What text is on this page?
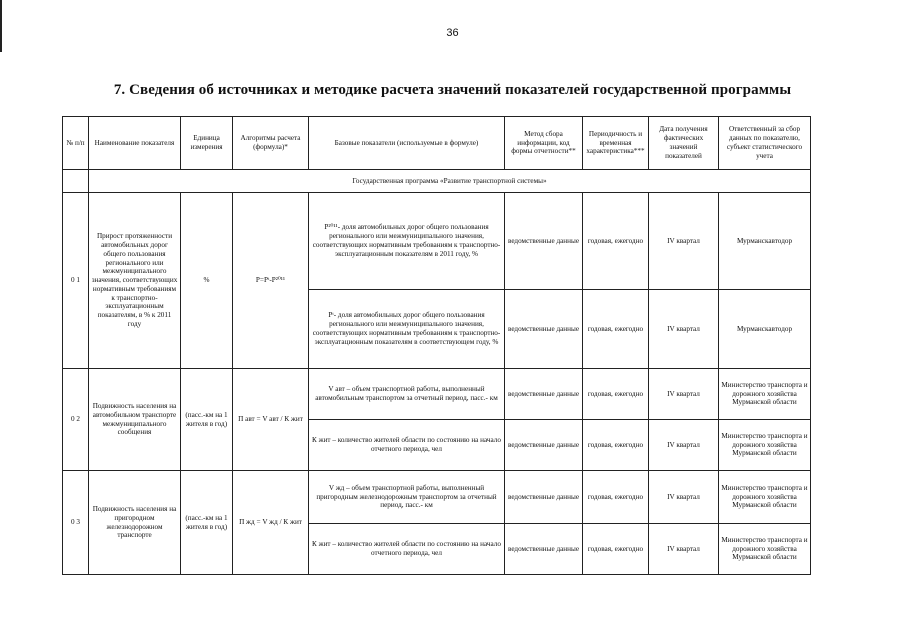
36
7. Сведения об источниках и методике расчета значений показателей государственной программы
№ п/п	Наименование показателя	Единица измерения	Алгоритмы расчета (формула)*	Базовые показатели (используемые в формуле)	Метод сбора информации, код формы отчетности**	Периодичность и временная характеристика***	Дата получения фактических значений показателей	Ответственный за сбор данных по показателю, субъект статистического учета
	Государственная программа «Развитие транспортной системы»							
0 1	Прирост протяженности автомобильных дорог общего пользования регионального или межмуниципального значения, соответствующих нормативным требованиям к транспортно-эксплуатационным показателям, в % к 2011 году	%	P=Pᵗ-P²⁰¹¹	P²⁰¹¹- доля автомобильных дорог общего пользования регионального или межмуниципального значения, соответствующих нормативным требованиям к транспортно-эксплуатационным показателям в 2011 году, %	ведомственные данные	годовая, ежегодно	IV квартал	Мурманскавтодор
				Pᵗ- доля автомобильных дорог общего пользования регионального или межмуниципального значения, соответствующих нормативным требованиям к транспортно-эксплуатационным показателям в соответствующем году, %	ведомственные данные	годовая, ежегодно	IV квартал	Мурманскавтодор
0 2	Подвижность населения на автомобильном транспорте межмуниципального сообщения	(пасс.-км на 1 жителя в год)	П авт = V авт / К жит	V авт – объем транспортной работы, выполненный автомобильным транспортом за отчетный период, пасс.- км	ведомственные данные	годовая, ежегодно	IV квартал	Министерство транспорта и дорожного хозяйства Мурманской области
				К жит – количество жителей области по состоянию на начало отчетного периода, чел	ведомственные данные	годовая, ежегодно	IV квартал	Министерство транспорта и дорожного хозяйства Мурманской области
0 3	Подвижность населения на пригородном железнодорожном транспорте	(пасс.-км на 1 жителя в год)	П жд = V жд / К жит	V жд – объем транспортной работы, выполненный пригородным железнодорожным транспортом за отчетный период, пасс.- км	ведомственные данные	годовая, ежегодно	IV квартал	Министерство транспорта и дорожного хозяйства Мурманской области
				К жит – количество жителей области по состоянию на начало отчетного периода, чел	ведомственные данные	годовая, ежегодно	IV квартал	Министерство транспорта и дорожного хозяйства Мурманской области
